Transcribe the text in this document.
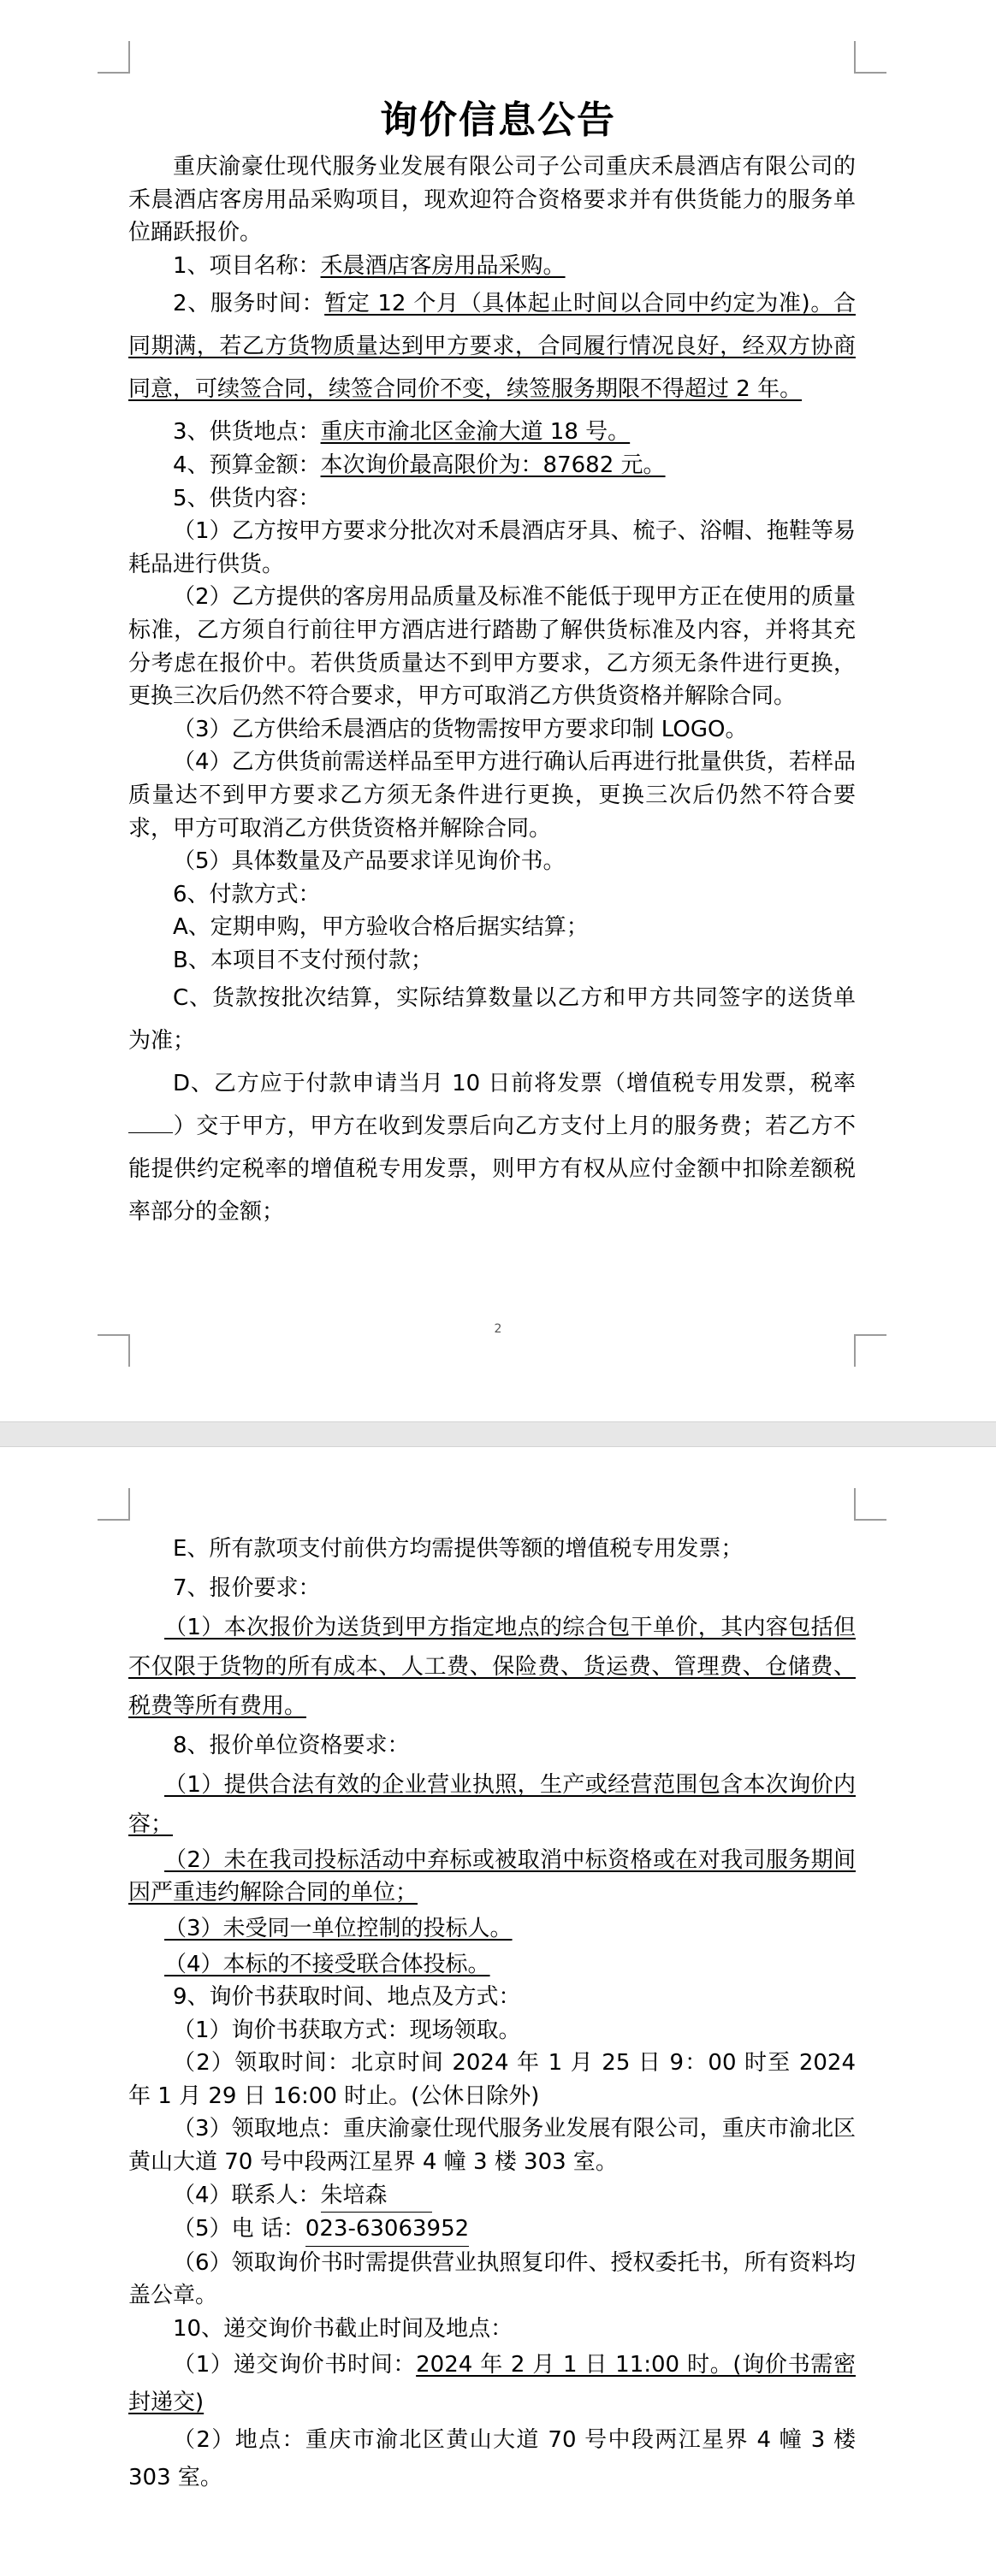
询价信息公告

重庆渝豪仕现代服务业发展有限公司子公司重庆禾晨酒店有限公司的禾晨酒店客房用品采购项目，现欢迎符合资格要求并有供货能力的服务单位踊跃报价。

1、项目名称：禾晨酒店客房用品采购。

2、服务时间：暂定 12 个月（具体起止时间以合同中约定为准)。合同期满，若乙方货物质量达到甲方要求，合同履行情况良好，经双方协商同意，可续签合同，续签合同价不变，续签服务期限不得超过 2 年。

3、供货地点：重庆市渝北区金渝大道 18 号。

4、预算金额：本次询价最高限价为：87682 元。

5、供货内容：

（1）乙方按甲方要求分批次对禾晨酒店牙具、梳子、浴帽、拖鞋等易耗品进行供货。

（2）乙方提供的客房用品质量及标准不能低于现甲方正在使用的质量标准，乙方须自行前往甲方酒店进行踏勘了解供货标准及内容，并将其充分考虑在报价中。若供货质量达不到甲方要求，乙方须无条件进行更换，更换三次后仍然不符合要求，甲方可取消乙方供货资格并解除合同。

（3）乙方供给禾晨酒店的货物需按甲方要求印制 LOGO。

（4）乙方供货前需送样品至甲方进行确认后再进行批量供货，若样品质量达不到甲方要求乙方须无条件进行更换，更换三次后仍然不符合要求，甲方可取消乙方供货资格并解除合同。

（5）具体数量及产品要求详见询价书。

6、付款方式：

A、定期申购，甲方验收合格后据实结算；

B、本项目不支付预付款；

C、货款按批次结算，实际结算数量以乙方和甲方共同签字的送货单为准；

D、乙方应于付款申请当月 10 日前将发票（增值税专用发票，税率）交于甲方，甲方在收到发票后向乙方支付上月的服务费；若乙方不能提供约定税率的增值税专用发票，则甲方有权从应付金额中扣除差额税率部分的金额；

2

E、所有款项支付前供方均需提供等额的增值税专用发票；

7、报价要求：

（1）本次报价为送货到甲方指定地点的综合包干单价，其内容包括但不仅限于货物的所有成本、人工费、保险费、货运费、管理费、仓储费、税费等所有费用。

8、报价单位资格要求：

（1）提供合法有效的企业营业执照，生产或经营范围包含本次询价内容；

（2）未在我司投标活动中弃标或被取消中标资格或在对我司服务期间因严重违约解除合同的单位；

（3）未受同一单位控制的投标人。

（4）本标的不接受联合体投标。

9、询价书获取时间、地点及方式：

（1）询价书获取方式：现场领取。

（2）领取时间：北京时间 2024 年 1 月 25 日 9：00 时至 2024 年 1 月 29 日 16:00 时止。(公休日除外)

（3）领取地点：重庆渝豪仕现代服务业发展有限公司，重庆市渝北区黄山大道 70 号中段两江星界 4 幢 3 楼 303 室。

（4）联系人：朱培森

（5）电 话：023-63063952

（6）领取询价书时需提供营业执照复印件、授权委托书，所有资料均盖公章。

10、递交询价书截止时间及地点：

（1）递交询价书时间：2024 年 2 月 1 日 11:00 时。(询价书需密封递交)

（2）地点：重庆市渝北区黄山大道 70 号中段两江星界 4 幢 3 楼 303 室。
